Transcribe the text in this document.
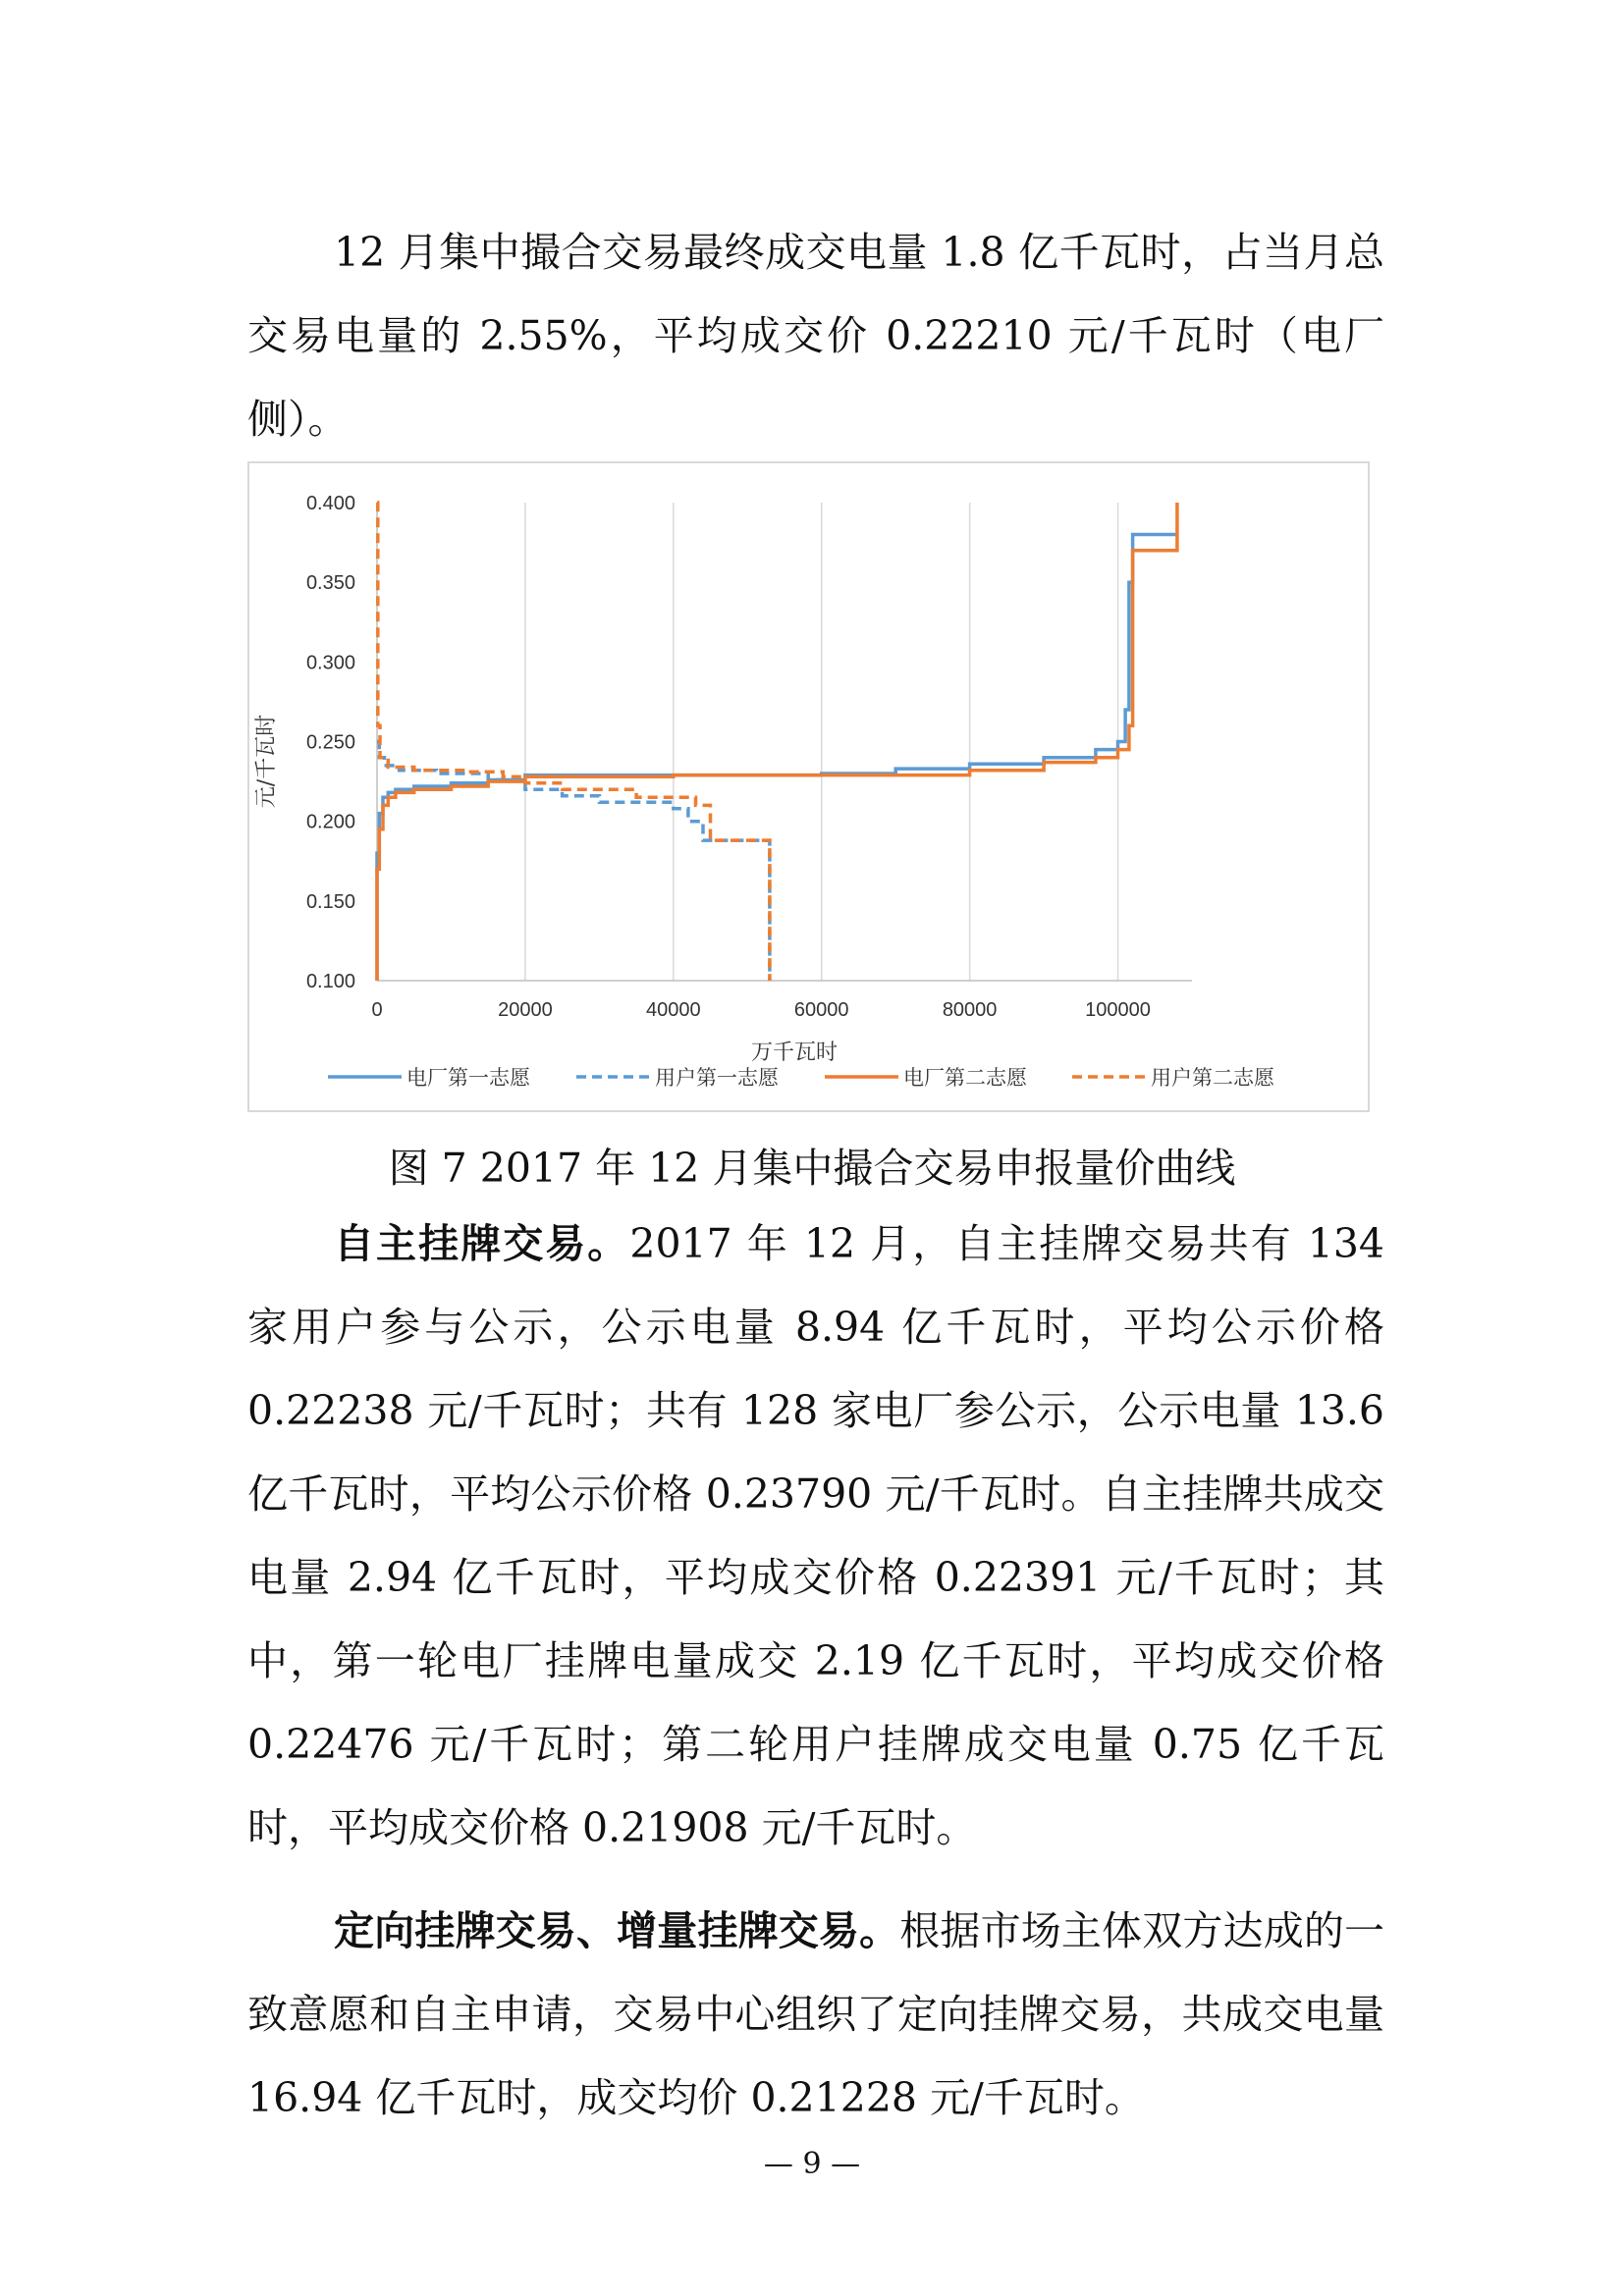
12 月集中撮合交易最终成交电量 1.8 亿千瓦时，占当月总交易电量的 2.55%，平均成交价 0.22210 元/千瓦时（电厂侧）。

0	20000	40000	60000	80000	100000
0.100
0.150
0.200
0.250
0.300
0.350
0.400
万千瓦时
元/千瓦时
电厂第一志愿	用户第一志愿	电厂第二志愿	用户第二志愿
图 7 2017 年 12 月集中撮合交易申报量价曲线

自主挂牌交易。2017 年 12 月，自主挂牌交易共有 134 家用户参与公示，公示电量 8.94 亿千瓦时，平均公示价格 0.22238 元/千瓦时；共有 128 家电厂参公示，公示电量 13.6 亿千瓦时，平均公示价格 0.23790 元/千瓦时。自主挂牌共成交电量 2.94 亿千瓦时，平均成交价格 0.22391 元/千瓦时；其中，第一轮电厂挂牌电量成交 2.19 亿千瓦时，平均成交价格 0.22476 元/千瓦时；第二轮用户挂牌成交电量 0.75 亿千瓦时，平均成交价格 0.21908 元/千瓦时。

定向挂牌交易、增量挂牌交易。根据市场主体双方达成的一致意愿和自主申请，交易中心组织了定向挂牌交易，共成交电量 16.94 亿千瓦时，成交均价 0.21228 元/千瓦时。

— 9 —
